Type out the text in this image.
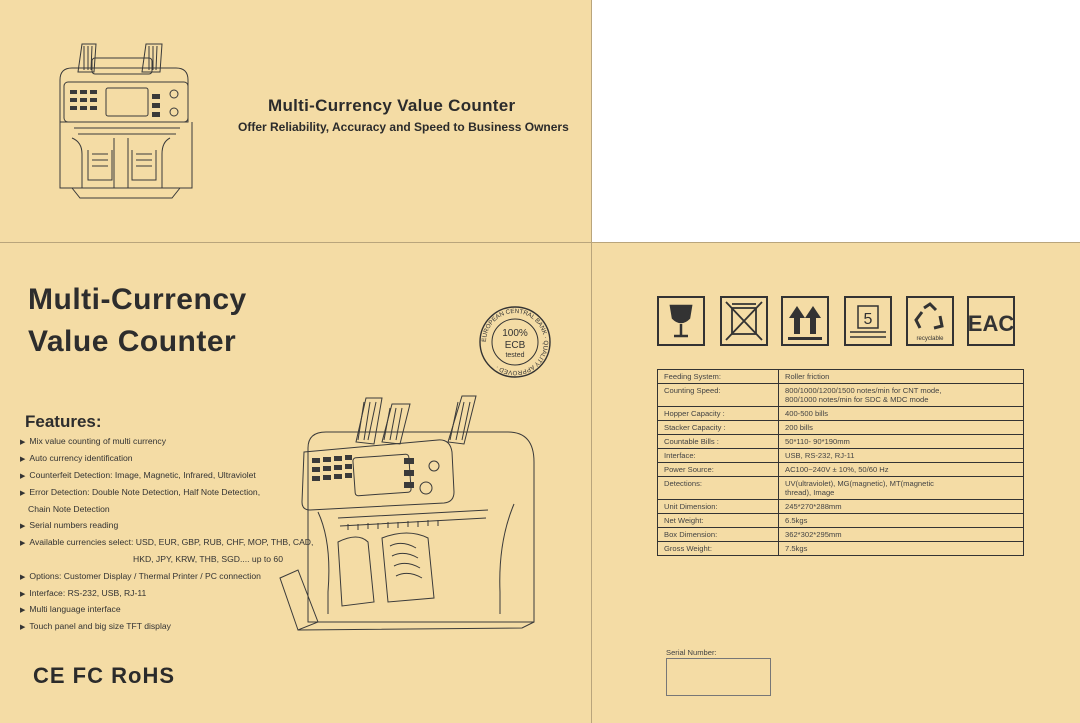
Multi-Currency Value Counter
Offer Reliability, Accuracy and Speed to Business Owners
Multi-Currency
Value Counter	EUROPEAN CENTRAL BANK · QUALITY APPROVED ·
100%
ECB
tested
Features:
▶ Mix value counting of multi currency
▶ Auto currency identification
▶ Counterfeit Detection: Image, Magnetic, Infrared, Ultraviolet
▶ Error Detection: Double Note Detection, Half Note Detection,
Chain Note Detection
▶ Serial numbers reading
▶ Available currencies select: USD, EUR, GBP, RUB, CHF, MOP, THB, CAD,
HKD, JPY, KRW, THB, SGD.... up to 60
▶ Options: Customer Display / Thermal Printer / PC connection
▶ Interface: RS-232, USB, RJ-11
▶ Multi language interface
▶ Touch panel and big size TFT display
CE FC RoHS
5
recyclable
EAC
Feeding System:	Roller friction
Counting Speed:	800/1000/1200/1500 notes/min for CNT mode,
800/1000 notes/min for SDC & MDC mode
Hopper Capacity :	400-500 bills
Stacker Capacity :	200 bills
Countable Bills :	50*110- 90*190mm
Interface:	USB, RS-232, RJ-11
Power Source:	AC100~240V ± 10%, 50/60 Hz
Detections:	UV(ultraviolet), MG(magnetic), MT(magnetic
thread), Image
Unit Dimension:	245*270*288mm
Net Weight:	6.5kgs
Box Dimension:	362*302*295mm
Gross Weight:	7.5kgs
Serial Number:
